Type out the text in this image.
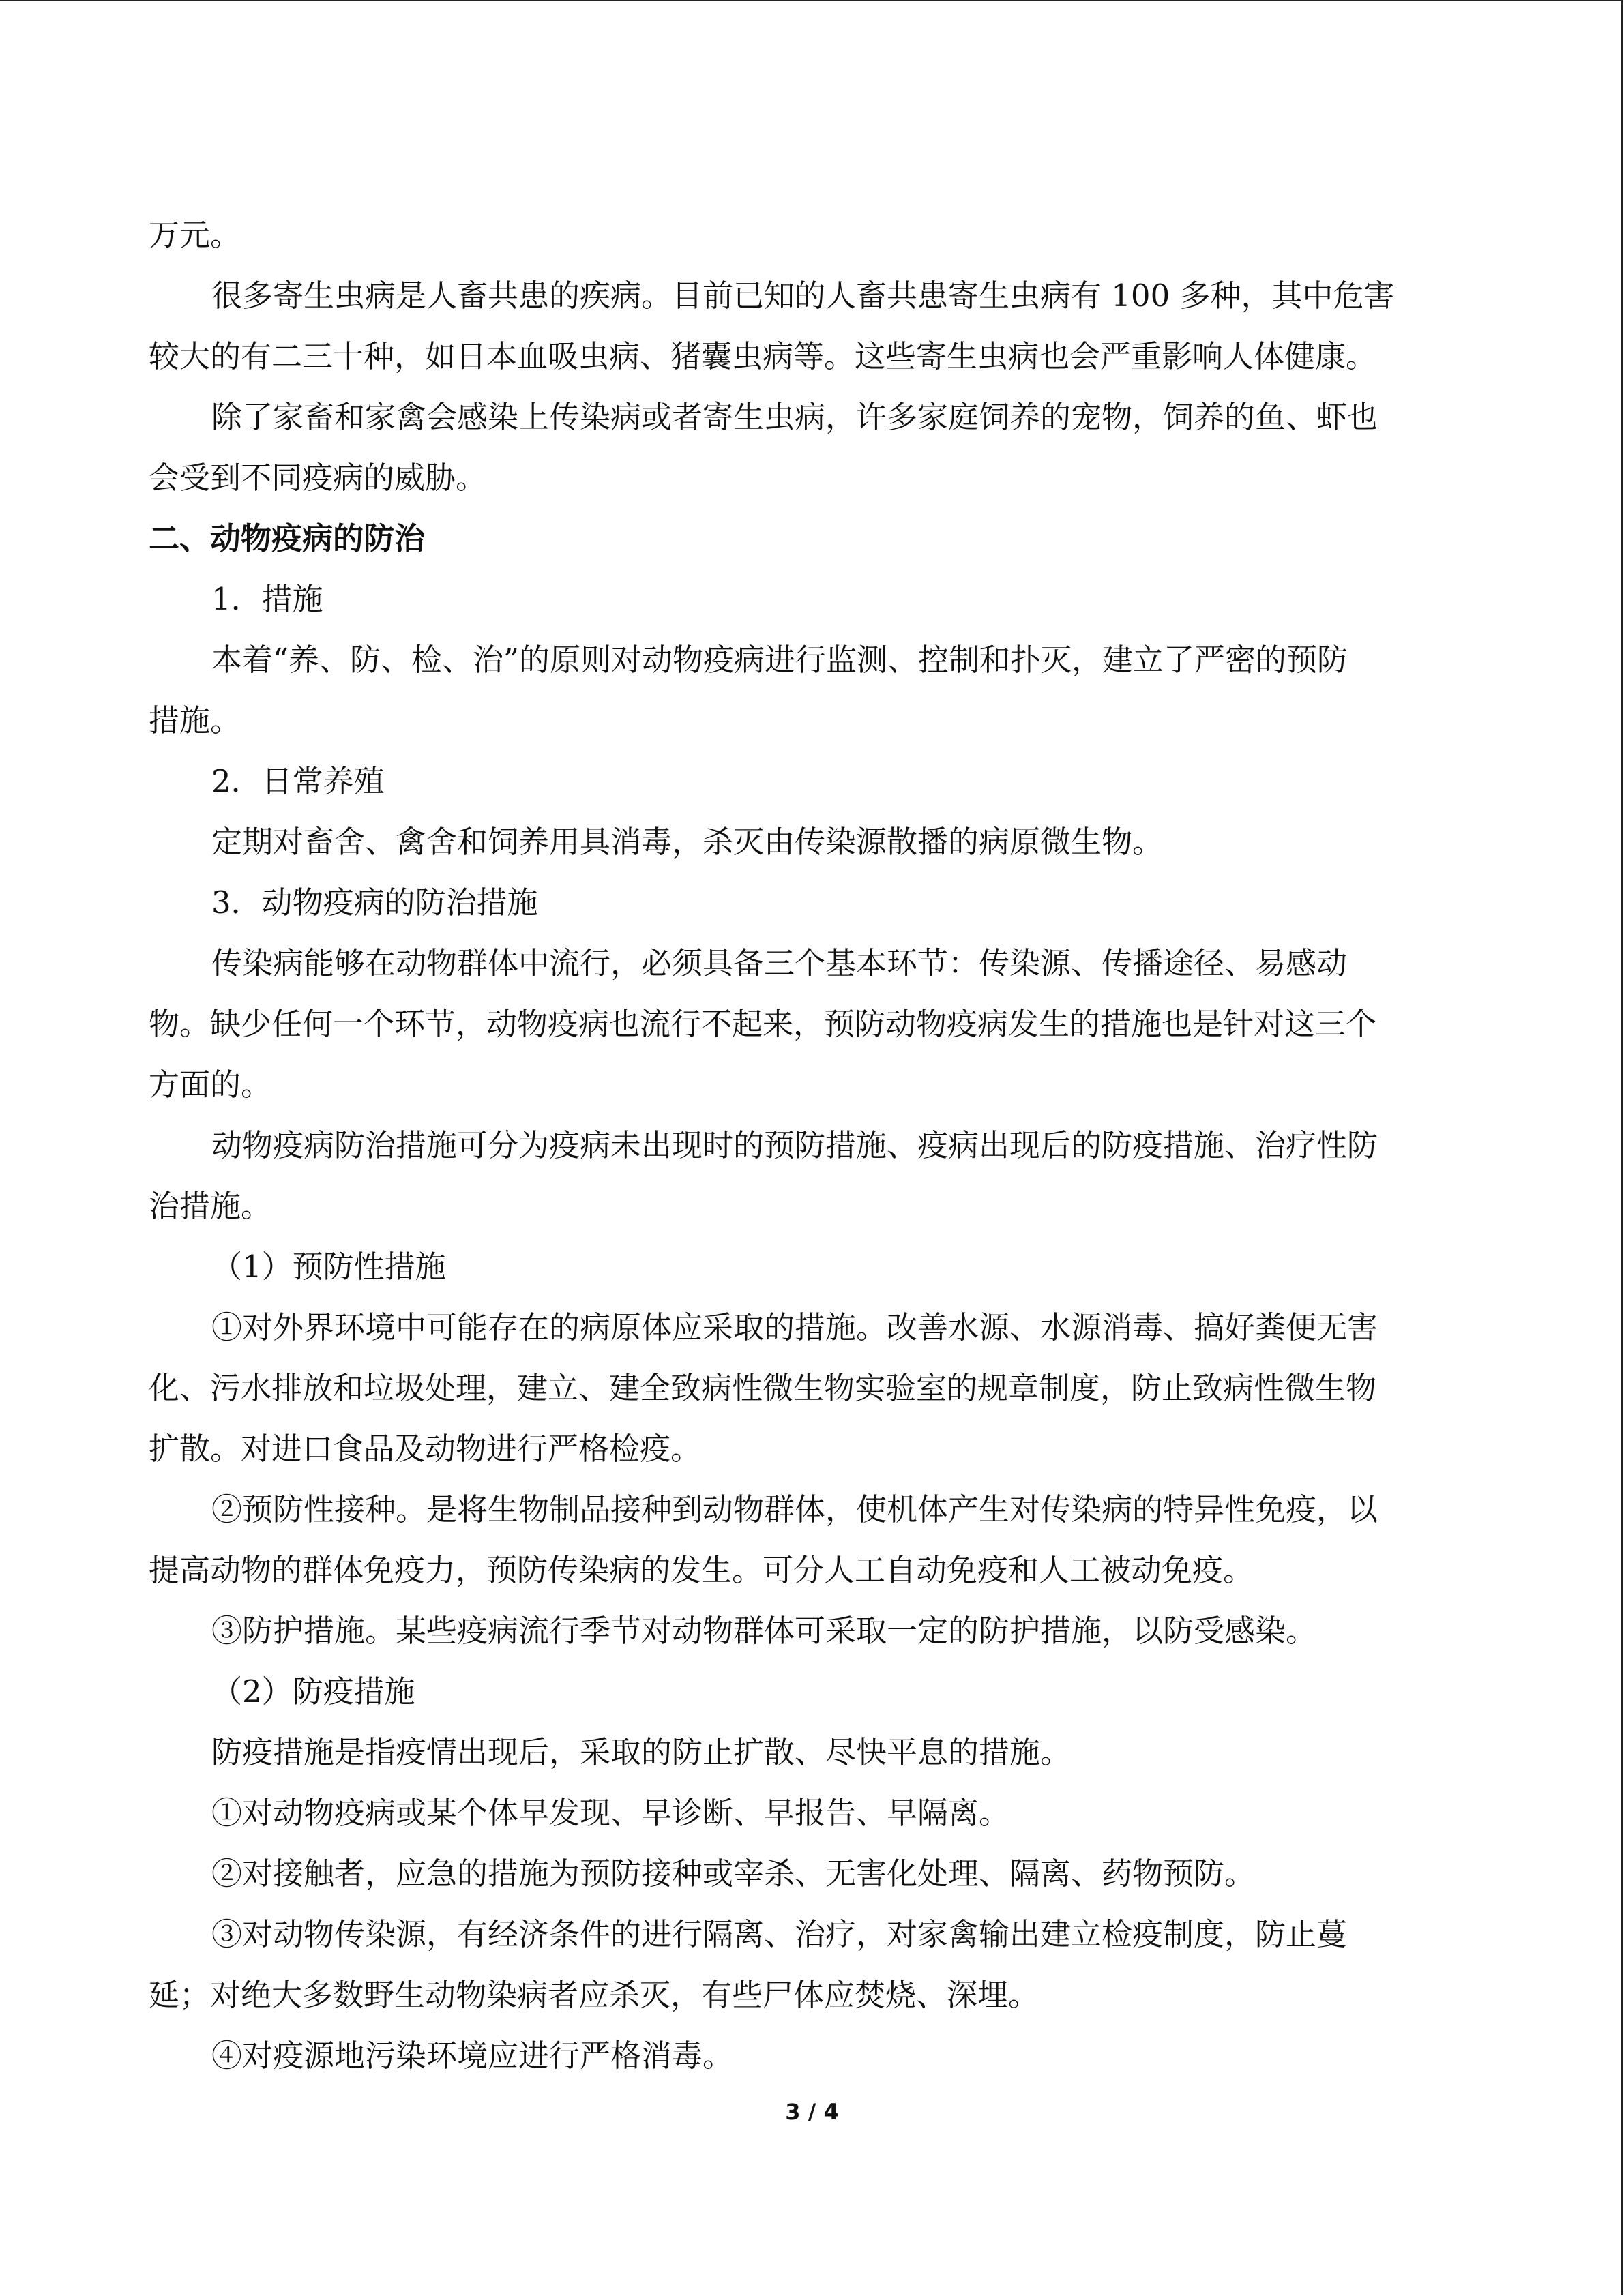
万元。
很多寄生虫病是人畜共患的疾病。目前已知的人畜共患寄生虫病有 100 多种，其中危害
较大的有二三十种，如日本血吸虫病、猪囊虫病等。这些寄生虫病也会严重影响人体健康。
除了家畜和家禽会感染上传染病或者寄生虫病，许多家庭饲养的宠物，饲养的鱼、虾也
会受到不同疫病的威胁。
二、动物疫病的防治
1．措施
本着“养、防、检、治”的原则对动物疫病进行监测、控制和扑灭，建立了严密的预防
措施。
2．日常养殖
定期对畜舍、禽舍和饲养用具消毒，杀灭由传染源散播的病原微生物。
3．动物疫病的防治措施
传染病能够在动物群体中流行，必须具备三个基本环节：传染源、传播途径、易感动
物。缺少任何一个环节，动物疫病也流行不起来，预防动物疫病发生的措施也是针对这三个
方面的。
动物疫病防治措施可分为疫病未出现时的预防措施、疫病出现后的防疫措施、治疗性防
治措施。
（1）预防性措施
①对外界环境中可能存在的病原体应采取的措施。改善水源、水源消毒、搞好粪便无害
化、污水排放和垃圾处理，建立、建全致病性微生物实验室的规章制度，防止致病性微生物
扩散。对进口食品及动物进行严格检疫。
②预防性接种。是将生物制品接种到动物群体，使机体产生对传染病的特异性免疫，以
提高动物的群体免疫力，预防传染病的发生。可分人工自动免疫和人工被动免疫。
③防护措施。某些疫病流行季节对动物群体可采取一定的防护措施，以防受感染。
（2）防疫措施
防疫措施是指疫情出现后，采取的防止扩散、尽快平息的措施。
①对动物疫病或某个体早发现、早诊断、早报告、早隔离。
②对接触者，应急的措施为预防接种或宰杀、无害化处理、隔离、药物预防。
③对动物传染源，有经济条件的进行隔离、治疗，对家禽输出建立检疫制度，防止蔓
延；对绝大多数野生动物染病者应杀灭，有些尸体应焚烧、深埋。
④对疫源地污染环境应进行严格消毒。
3 / 4
